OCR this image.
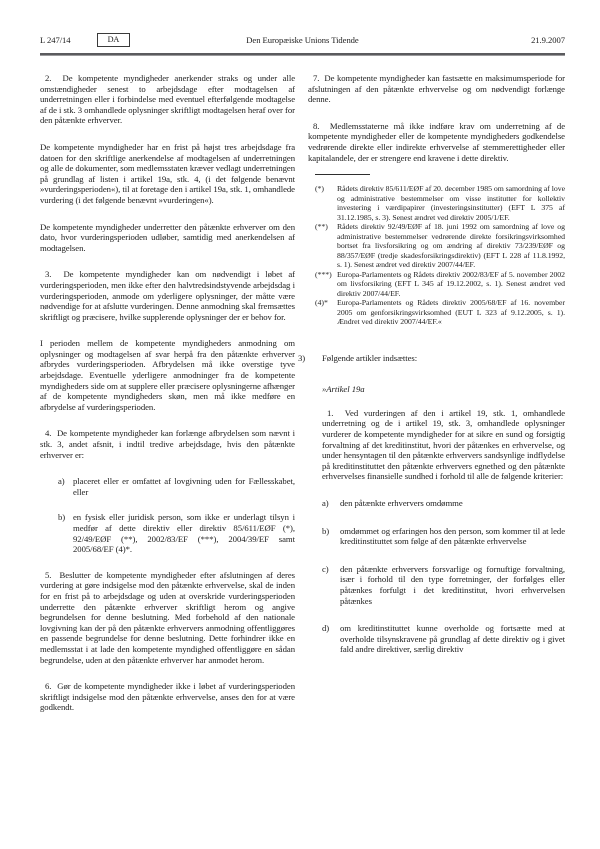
L 247/14	DA	Den Europæiske Unions Tidende	21.9.2007

2.  De kompetente myndigheder anerkender straks og under alle omstændigheder senest to arbejdsdage efter modtagelsen af underretningen eller i forbindelse med eventuel efterfølgende modtagelse af de i stk. 3 omhandlede oplysninger skriftligt modtagelsen heraf over for den påtænkte erhverver.

De kompetente myndigheder har en frist på højst tres arbejdsdage fra datoen for den skriftlige anerkendelse af modtagelsen af underretningen og alle de dokumenter, som medlemsstaten kræver vedlagt underretningen på grundlag af listen i artikel 19a, stk. 4, (i det følgende benævnt »vurderingsperioden«), til at foretage den i artikel 19a, stk. 1, omhandlede vurdering (i det følgende benævnt »vurderingen«).

De kompetente myndigheder underretter den påtænkte erhverver om den dato, hvor vurderingsperioden udløber, samtidig med anerkendelsen af modtagelsen.

3.  De kompetente myndigheder kan om nødvendigt i løbet af vurderingsperioden, men ikke efter den halvtredsindstyvende arbejdsdag i vurderingsperioden, anmode om yderligere oplysninger, der måtte være nødvendige for at afslutte vurderingen. Denne anmodning skal fremsættes skriftligt og præcisere, hvilke supplerende oplysninger der er behov for.

I perioden mellem de kompetente myndigheders anmodning om oplysninger og modtagelsen af svar herpå fra den påtænkte erhverver afbrydes vurderingsperioden. Afbrydelsen må ikke overstige tyve arbejdsdage. Eventuelle yderligere anmodninger fra de kompetente myndigheders side om at supplere eller præcisere oplysningerne afhænger af de kompetente myndigheders skøn, men må ikke medføre en afbrydelse af vurderingsperioden.

4.  De kompetente myndigheder kan forlænge afbrydelsen som nævnt i stk. 3, andet afsnit, i indtil tredive arbejdsdage, hvis den påtænkte erhverver er:

a) placeret eller er omfattet af lovgivning uden for Fællesskabet, eller
b) en fysisk eller juridisk person, som ikke er underlagt tilsyn i medfør af dette direktiv eller direktiv 85/611/EØF (*), 92/49/EØF (**), 2002/83/EF (***), 2004/39/EF samt 2005/68/EF (4)*.

5.  Beslutter de kompetente myndigheder efter afslutningen af deres vurdering at gøre indsigelse mod den påtænkte erhvervelse, skal de inden for en frist på to arbejdsdage og uden at overskride vurderingsperioden underrette den påtænkte erhverver skriftligt herom og angive begrundelsen for denne beslutning. Med forbehold af den nationale lovgivning kan der på den påtænkte erhververs anmodning offentliggøres en passende begrundelse for denne beslutning. Dette forhindrer ikke en medlemsstat i at lade den kompetente myndighed offentliggøre en sådan begrundelse, uden at den påtænkte erhverver har anmodet herom.

6.  Gør de kompetente myndigheder ikke i løbet af vurderingsperioden skriftligt indsigelse mod den påtænkte erhvervelse, anses den for at være godkendt.

7.  De kompetente myndigheder kan fastsætte en maksimumsperiode for afslutningen af den påtænkte erhvervelse og om nødvendigt forlænge denne.

8.  Medlemsstaterne må ikke indføre krav om underretning af de kompetente myndigheder eller de kompetente myndigheders godkendelse vedrørende direkte eller indirekte erhvervelse af stemmerettigheder eller kapitalandele, der er strengere end kravene i dette direktiv.

(*)	Rådets direktiv 85/611/EØF af 20. december 1985 om samordning af love og administrative bestemmelser om visse institutter for kollektiv investering i værdipapirer (investeringsinstitutter) (EFT L 375 af 31.12.1985, s. 3). Senest ændret ved direktiv 2005/1/EF.
(**)	Rådets direktiv 92/49/EØF af 18. juni 1992 om samordning af love og administrative bestemmelser vedrørende direkte forsikringsvirksomhed bortset fra livsforsikring og om ændring af direktiv 73/239/EØF og 88/357/EØF (tredje skadesforsikringsdirektiv) (EFT L 228 af 11.8.1992, s. 1). Senest ændret ved direktiv 2007/44/EF.
(***) Europa-Parlamentets og Rådets direktiv 2002/83/EF af 5. november 2002 om livsforsikring (EFT L 345 af 19.12.2002, s. 1). Senest ændret ved direktiv 2007/44/EF.
(4)*	Europa-Parlamentets og Rådets direktiv 2005/68/EF af 16. november 2005 om genforsikringsvirksomhed (EUT L 323 af 9.12.2005, s. 1). Ændret ved direktiv 2007/44/EF.«
3)	Følgende artikler indsættes:

»Artikel 19a

1.  Ved vurderingen af den i artikel 19, stk. 1, omhandlede underretning og de i artikel 19, stk. 3, omhandlede oplysninger vurderer de kompetente myndigheder for at sikre en sund og forsigtig forvaltning af det kreditinstitut, hvori der påtænkes en erhvervelse, og under hensyntagen til den påtænkte erhververs sandsynlige indflydelse på kreditinstituttet den påtænkte erhververs egnethed og den påtænkte erhvervelses finansielle sundhed i forhold til alle de følgende kriterier:

a)	den påtænkte erhververs omdømme
b)	omdømmet og erfaringen hos den person, som kommer til at lede kreditinstituttet som følge af den påtænkte erhvervelse
c)	den påtænkte erhververs forsvarlige og fornuftige forvaltning, især i forhold til den type forretninger, der forfølges eller påtænkes forfulgt i det kreditinstitut, hvori erhvervelsen påtænkes
d)	om kreditinstituttet kunne overholde og fortsætte med at overholde tilsynskravene på grundlag af dette direktiv og i givet fald andre direktiver, særlig direktiv
